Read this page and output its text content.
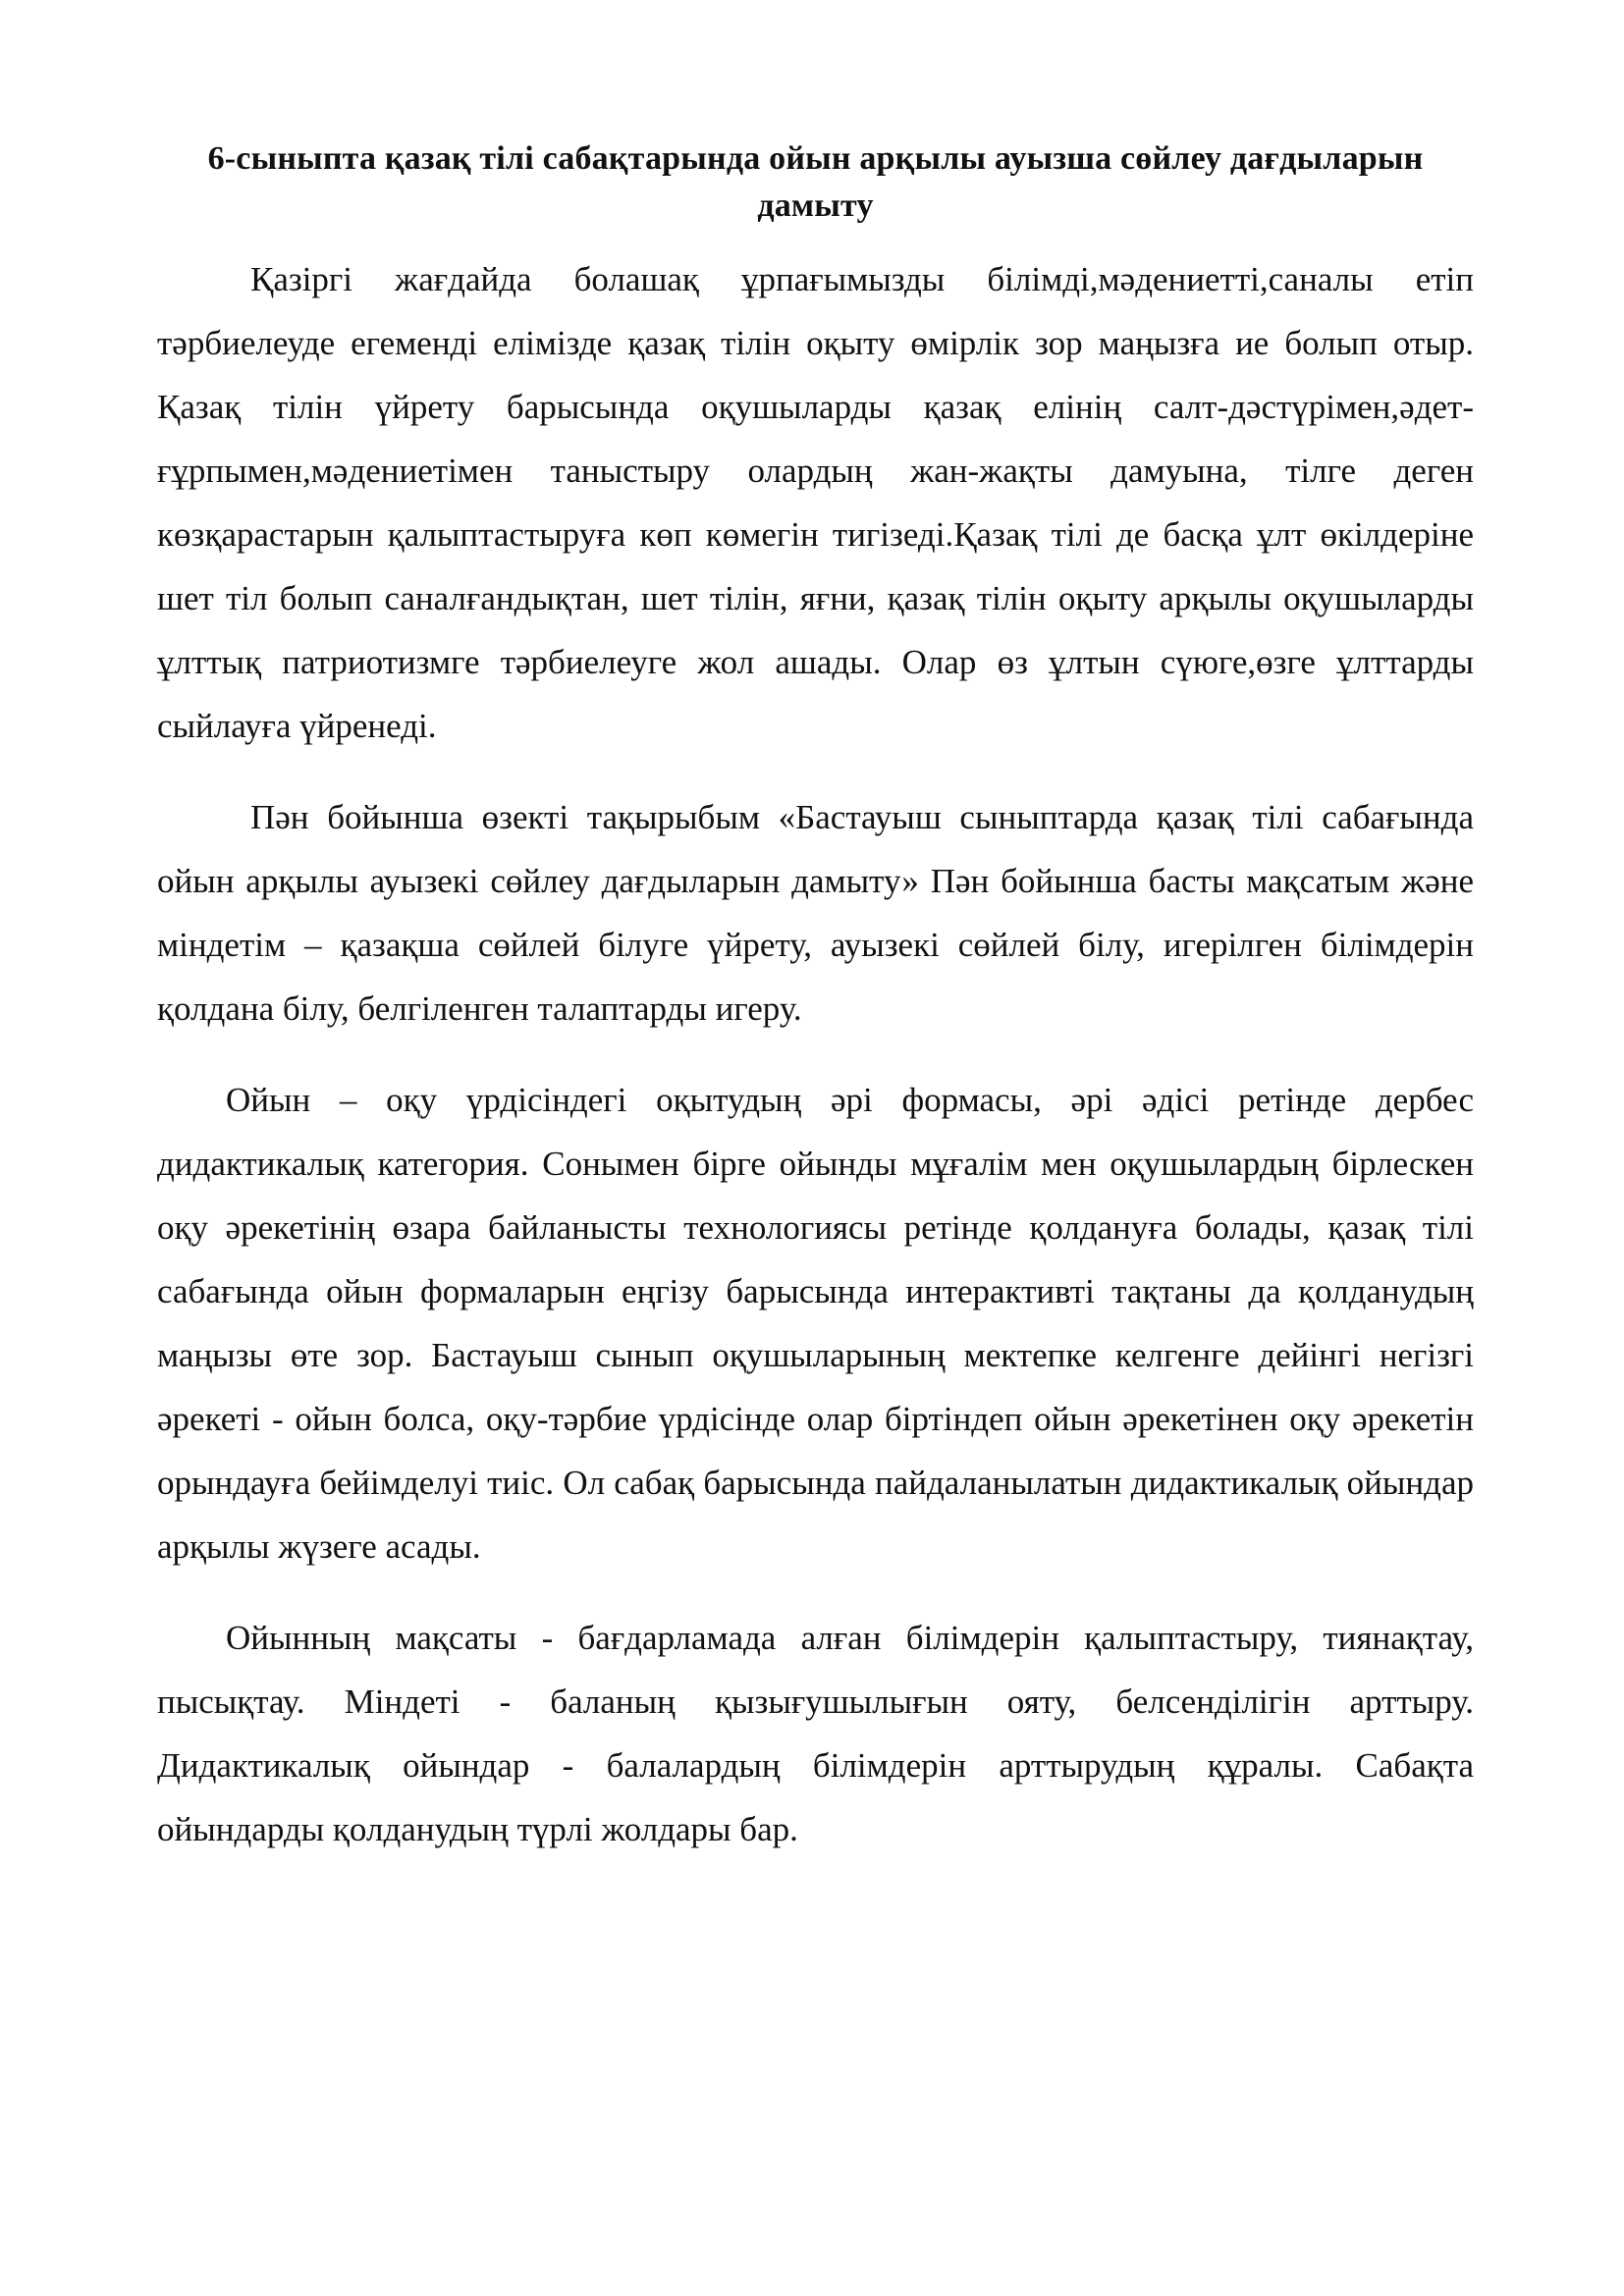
6-сыныпта қазақ тілі сабақтарында ойын арқылы ауызша сөйлеу дағдыларын дамыту

Қазіргі жағдайда болашақ ұрпағымызды білімді,мәдениетті,саналы етіп тәрбиелеуде егеменді елімізде қазақ тілін оқыту өмірлік зор маңызға ие болып отыр. Қазақ тілін үйрету барысында оқушыларды қазақ елінің салт-дәстүрімен,әдет-ғұрпымен,мәдениетімен таныстыру олардың жан-жақты дамуына, тілге деген көзқарастарын қалыптастыруға көп көмегін тигізеді.Қазақ тілі де басқа ұлт өкілдеріне шет тіл болып саналғандықтан, шет тілін, яғни, қазақ тілін оқыту арқылы оқушыларды ұлттық патриотизмге тәрбиелеуге жол ашады. Олар өз ұлтын сүюге,өзге ұлттарды сыйлауға үйренеді.

Пән бойынша өзекті тақырыбым «Бастауыш сыныптарда қазақ тілі сабағында ойын арқылы ауызекі сөйлеу дағдыларын дамыту» Пән бойынша басты мақсатым және міндетім – қазақша сөйлей білуге үйрету, ауызекі сөйлей білу, игерілген білімдерін қолдана білу, белгіленген талаптарды игеру.

Ойын – оқу үрдісіндегі оқытудың әрі формасы, әрі әдісі ретінде дербес дидактикалық категория. Сонымен бірге ойынды мұғалім мен оқушылардың бірлескен оқу әрекетінің өзара байланысты технологиясы ретінде қолдануға болады, қазақ тілі сабағында ойын формаларын еңгізу барысында интерактивті тақтаны да қолданудың маңызы өте зор. Бастауыш сынып оқушыларының мектепке келгенге дейінгі негізгі әрекеті - ойын болса, оқу-тәрбие үрдісінде олар біртіндеп ойын әрекетінен оқу әрекетін орындауға бейімделуі тиіс. Ол сабақ барысында пайдаланылатын дидактикалық ойындар арқылы жүзеге асады.

Ойынның мақсаты - бағдарламада алған білімдерін қалыптастыру, тиянақтау, пысықтау. Міндеті - баланың қызығушылығын ояту, белсенділігін арттыру. Дидактикалық ойындар - балалардың білімдерін арттырудың құралы. Сабақта ойындарды қолданудың түрлі жолдары бар.
